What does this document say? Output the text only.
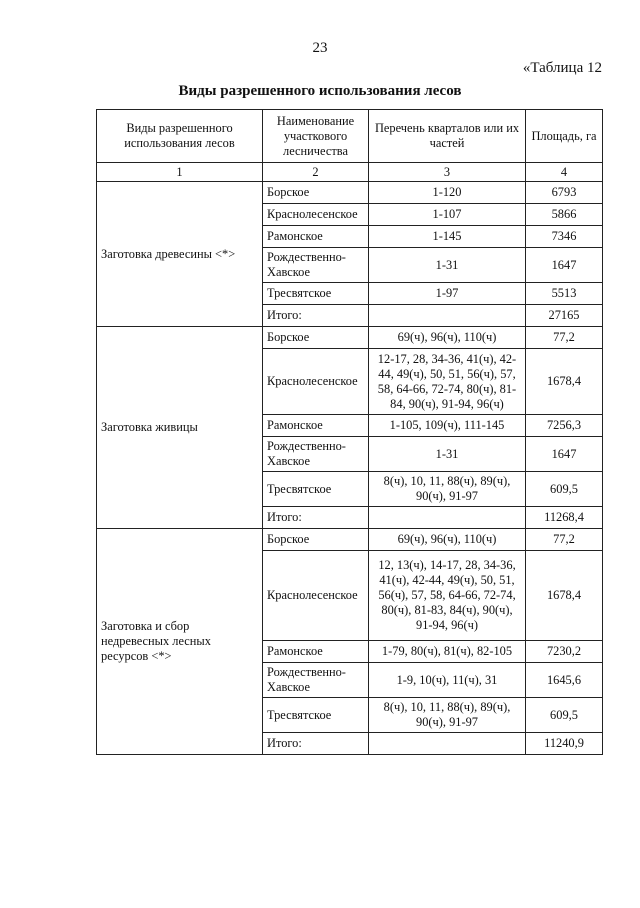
23
«Таблица 12
Виды разрешенного использования лесов
Виды разрешенного использования лесов	Наименование участкового лесничества	Перечень кварталов или их частей	Площадь, га
1	2	3	4
Заготовка древесины <*>	Борское	1-120	6793
	Краснолесенское	1-107	5866
	Рамонское	1-145	7346
	Рождественно-Хавское	1-31	1647
	Тресвятское	1-97	5513
	Итого:		27165
Заготовка живицы	Борское	69(ч), 96(ч), 110(ч)	77,2
	Краснолесенское	12-17, 28, 34-36, 41(ч), 42-44, 49(ч), 50, 51, 56(ч), 57, 58, 64-66, 72-74, 80(ч), 81-84, 90(ч), 91-94, 96(ч)	1678,4
	Рамонское	1-105, 109(ч), 111-145	7256,3
	Рождественно-Хавское	1-31	1647
	Тресвятское	8(ч), 10, 11, 88(ч), 89(ч), 90(ч), 91-97	609,5
	Итого:		11268,4
Заготовка и сбор недревесных лесных ресурсов <*>	Борское	69(ч), 96(ч), 110(ч)	77,2
	Краснолесенское	12, 13(ч), 14-17, 28, 34-36, 41(ч), 42-44, 49(ч), 50, 51, 56(ч), 57, 58, 64-66, 72-74, 80(ч), 81-83, 84(ч), 90(ч), 91-94, 96(ч)	1678,4
	Рамонское	1-79, 80(ч), 81(ч), 82-105	7230,2
	Рождественно-Хавское	1-9, 10(ч), 11(ч), 31	1645,6
	Тресвятское	8(ч), 10, 11, 88(ч), 89(ч), 90(ч), 91-97	609,5
	Итого:		11240,9
